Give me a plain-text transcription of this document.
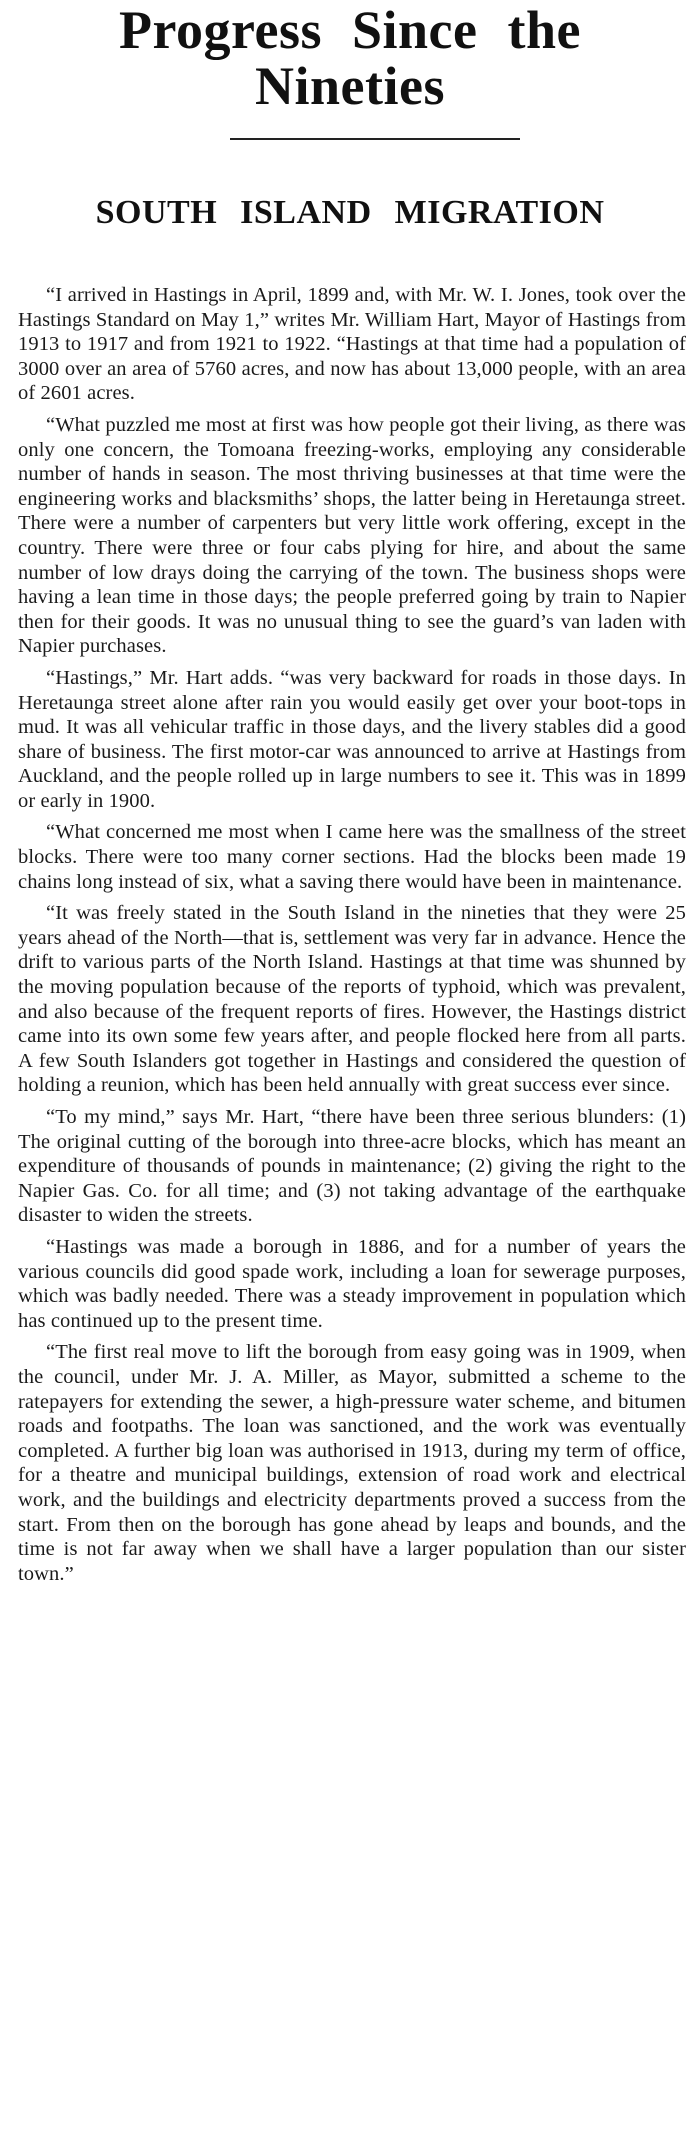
Progress Since the
Nineties
SOUTH ISLAND MIGRATION

“I arrived in Hastings in April, 1899 and, with Mr. W. I. Jones, took over the Hastings Standard on May 1,” writes Mr. William Hart, Mayor of Hastings from 1913 to 1917 and from 1921 to 1922. “Hastings at that time had a population of 3000 over an area of 5760 acres, and now has about 13,000 people, with an area of 2601 acres.

“What puzzled me most at first was how people got their living, as there was only one concern, the Tomoana freezing-works, employing any considerable number of hands in season. The most thriving businesses at that time were the engineering works and blacksmiths’ shops, the latter being in Heretaunga street. There were a number of carpenters but very little work offering, except in the country. There were three or four cabs plying for hire, and about the same number of low drays doing the carrying of the town. The business shops were having a lean time in those days; the people preferred going by train to Napier then for their goods. It was no unusual thing to see the guard’s van laden with Napier purchases.

“Hastings,” Mr. Hart adds. “was very backward for roads in those days. In Heretaunga street alone after rain you would easily get over your boot-tops in mud. It was all vehicular traffic in those days, and the livery stables did a good share of business. The first motor-car was announced to arrive at Hastings from Auckland, and the people rolled up in large numbers to see it. This was in 1899 or early in 1900.

“What concerned me most when I came here was the smallness of the street blocks. There were too many corner sections. Had the blocks been made 19 chains long instead of six, what a saving there would have been in maintenance.

“It was freely stated in the South Island in the nineties that they were 25 years ahead of the North—that is, settlement was very far in advance. Hence the drift to various parts of the North Island. Hastings at that time was shunned by the moving population because of the reports of typhoid, which was prevalent, and also because of the frequent reports of fires. However, the Hastings district came into its own some few years after, and people flocked here from all parts. A few South Islanders got together in Hastings and considered the question of holding a reunion, which has been held annually with great success ever since.

“To my mind,” says Mr. Hart, “there have been three serious blunders: (1) The original cutting of the borough into three-acre blocks, which has meant an expenditure of thousands of pounds in maintenance; (2) giving the right to the Napier Gas. Co. for all time; and (3) not taking advantage of the earthquake disaster to widen the streets.

“Hastings was made a borough in 1886, and for a number of years the various councils did good spade work, including a loan for sewerage purposes, which was badly needed. There was a steady improvement in population which has continued up to the present time.

“The first real move to lift the borough from easy going was in 1909, when the council, under Mr. J. A. Miller, as Mayor, submitted a scheme to the ratepayers for extending the sewer, a high-pressure water scheme, and bitumen roads and footpaths. The loan was sanctioned, and the work was eventually completed. A further big loan was authorised in 1913, during my term of office, for a theatre and municipal buildings, extension of road work and electrical work, and the buildings and electricity departments proved a success from the start. From then on the borough has gone ahead by leaps and bounds, and the time is not far away when we shall have a larger population than our sister town.”
